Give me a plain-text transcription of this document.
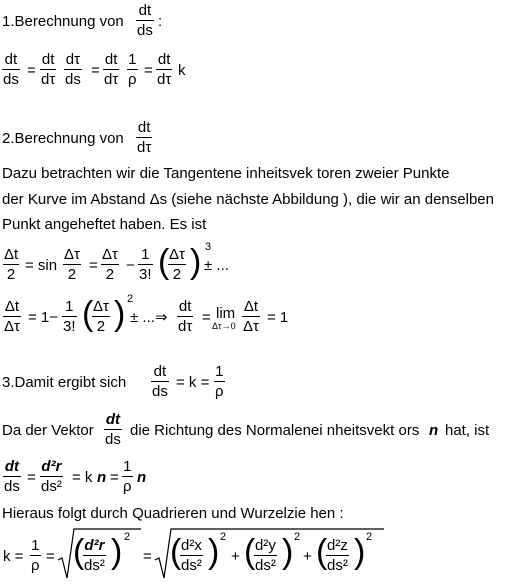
1.Berechnung von
dt
ds
:
dt
ds
=
dt
dτ
dτ
ds
=
dt
dτ
1
ρ
=
dt
dτ
k
2.Berechnung von
dt
dτ
Dazu betrachten wir die Tangentene inheitsvek toren zweier Punkte
der Kurve im Abstand Δs (siehe nächste Abbildung ), die wir an denselben
Punkt angeheftet haben. Es ist
Δt
2
= sin
Δτ
2
=
Δτ
2
−
1
3! ( Δτ
2 ) 3
± ...
Δt
Δτ
= 1−
1
3! ( Δτ
2 ) 2
± ...⇒
dt
dτ
= lim
Δτ→0
Δt
Δτ
= 1
3.Damit ergibt sich
dt
ds
= k =
1
ρ
Da der Vektor
dt
ds
die Richtung des Normalenei nheitsvekt ors n hat, ist
dt
ds
=
d²r
ds²
= k n =
1
ρ
n
Hieraus folgt durch Quadrieren und Wurzelzie hen :
k =
1
ρ
= ( d²r
ds² ) 2
= ( d²x
ds² ) 2
+ ( d²y
ds² ) 2
+ ( d²z
ds² ) 2
